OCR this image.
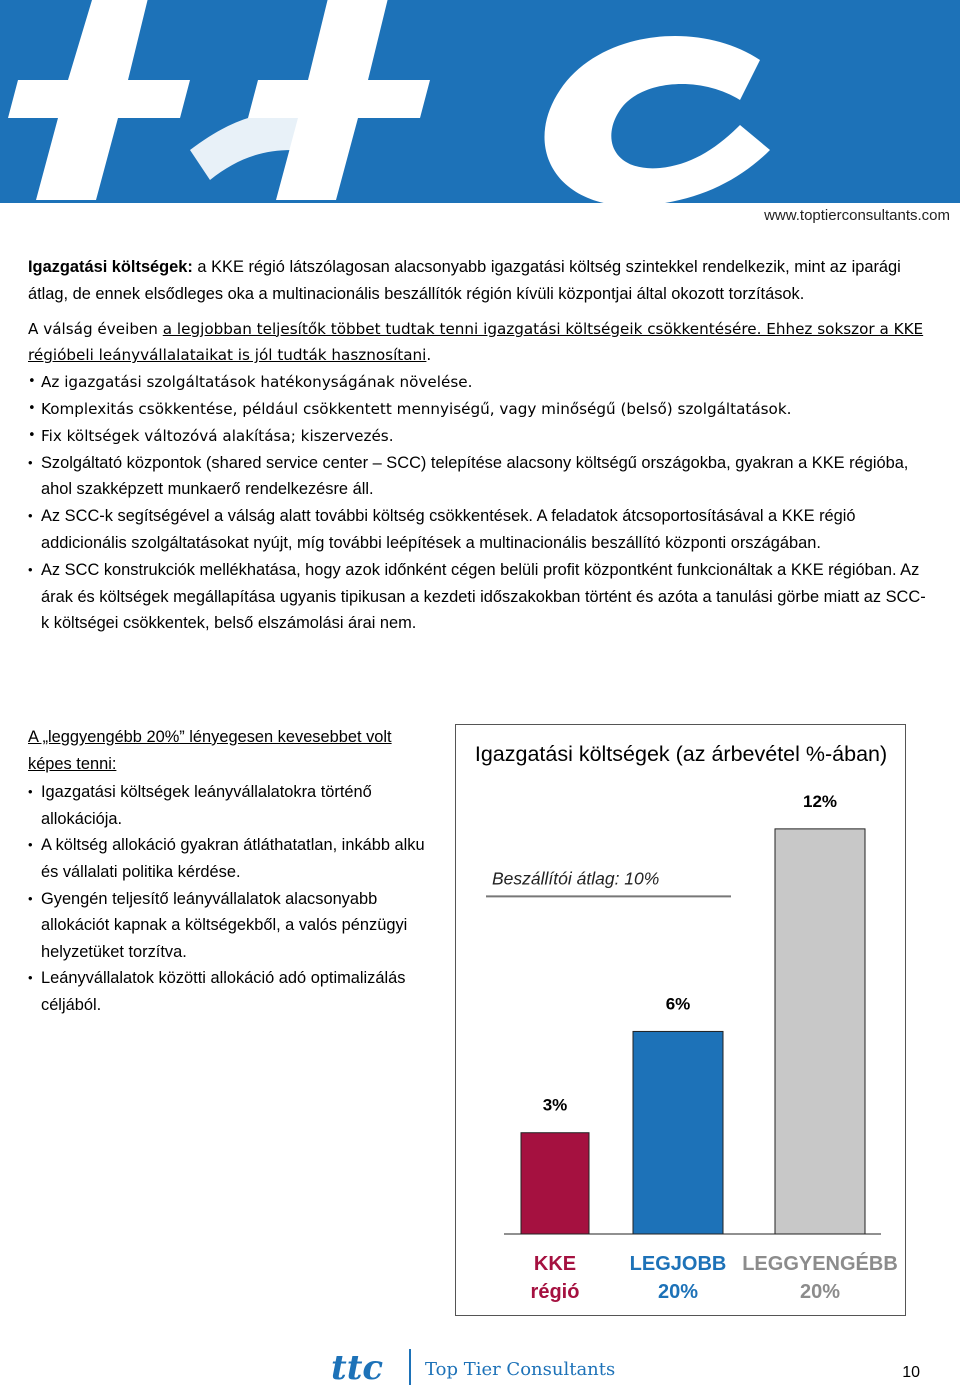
www.toptierconsultants.com

Igazgatási költségek: a KKE régió látszólagosan alacsonyabb igazgatási költség szintekkel rendelkezik, mint az iparági átlag, de ennek elsődleges oka a multinacionális beszállítók régión kívüli központjai által okozott torzítások.

A válság éveiben a legjobban teljesítők többet tudtak tenni igazgatási költségeik csökkentésére. Ehhez sokszor a KKE régióbeli leányvállalataikat is jól tudták hasznosítani.

• Az igazgatási szolgáltatások hatékonyságának növelése.
• Komplexitás csökkentése, például csökkentett mennyiségű, vagy minőségű (belső) szolgáltatások.
• Fix költségek változóvá alakítása; kiszervezés.
• Szolgáltató központok (shared service center – SCC) telepítése alacsony költségű országokba, gyakran a KKE régióba, ahol szakképzett munkaerő rendelkezésre áll.
• Az SCC-k segítségével a válság alatt további költség csökkentések. A feladatok átcsoportosításával a KKE régió addicionális szolgáltatásokat nyújt, míg további leépítések a multinacionális beszállító központi országában.
• Az SCC konstrukciók mellékhatása, hogy azok időnként cégen belüli profit központként funkcionáltak a KKE régióban. Az árak és költségek megállapítása ugyanis tipikusan a kezdeti időszakokban történt és azóta a tanulási görbe miatt az SCC-k költségei csökkentek, belső elszámolási árai nem.

A „leggyengébb 20%” lényegesen kevesebbet volt képes tenni:

• Igazgatási költségek leányvállalatokra történő allokációja.
• A költség allokáció gyakran átláthatatlan, inkább alku és vállalati politika kérdése.
• Gyengén teljesítő leányvállalatok alacsonyabb allokációt kapnak a költségekből, a valós pénzügyi helyzetüket torzítva.
• Leányvállalatok közötti allokáció adó optimalizálás céljából.
Igazgatási költségek (az árbevétel %-ában)
Beszállítói átlag: 10%
3%
KKE
régió
6%
LEGJOBB
20%
12%
LEGGYENGÉBB
20%
ttc Top Tier Consultants	10
